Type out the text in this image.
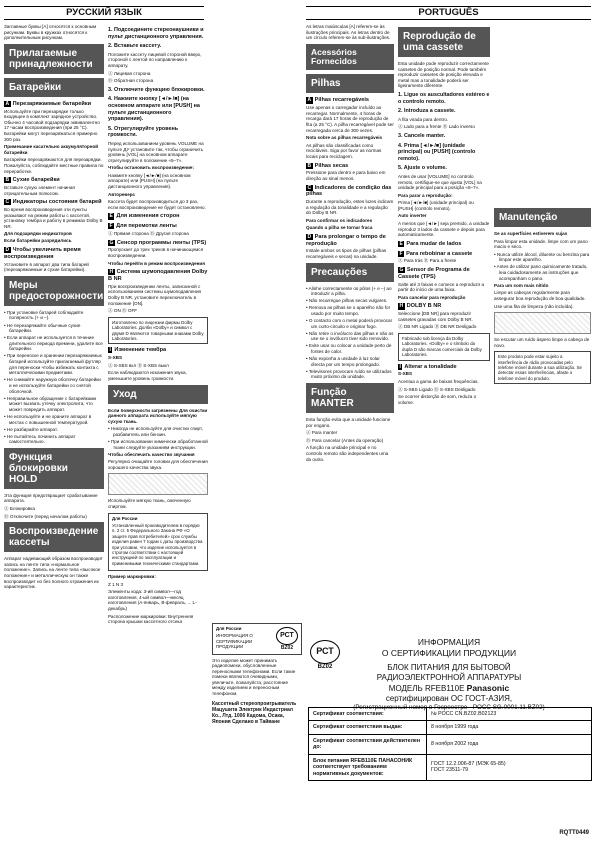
РУССКИЙ ЯЗЫК	PORTUGUÊS

Заглавные буквы [A] относятся к основным рисункам. Буквы в кружках относятся к дополнительным рисункам.

Прилагаемые принадлежности
Батарейки
A Перезаряжаемые батарейки

Используйте при перезарядке только входящее в комплект зарядное устройство. Обычно 4 часовой подзарядки эквивалентно 17 часам воспроизведения (при 25 °С). Батарейки могут перезаряжаться примерно 300 раз.

Примечание касательно аккумуляторной батарейки

Батарейки перезаряжаются для перезарядки. Пожалуйста, соблюдайте местные правила по переработке.

B Сухие батарейки

Вставьте сухую элемент начиная отрицательным полюсом.

C Индикаторы состояния батарей

Во время воспроизведения эти пункты указывают на режим работы с кассетой, установку тембра и работу в режимах Dolby B NR.

Для подзарядки индикаторов

Если батарейки разрядились

D Чтобы увеличить время воспроизведения

Установите в аппарат два типа батарей (перезаряжаемые и сухие батарейки).

Меры предосторожности

• При установке батарей соблюдайте полярность (+ и –).

• Не перезаряжайте обычные сухие батарейки.

• Если аппарат не используется в течение длительного периода времени, удалите все батарейки.

• При переноске и хранении перезаряжаемых батарей используйте прилагаемый футляр для переноски чтобы избежать контакта с металлическими предметами.

• Не снимайте наружную оболочку батарейки и не используйте батарейки со снятой оболочкой.

• Неправильное обращение с батарейками может вызвать утечку электролита, что может повредить аппарат.

• Не используйте и не храните аппарат в местах с повышенной температурой.

• Не разбирайте аппарат.

• Не пытайтесь починить аппарат самостоятельно.

Функция блокировки HOLD

Эта функция предотвращает срабатывание аппарата.

Ⓐ Блокировка

Ⓑ Отключите (перед началом работы)

Воспроизведение кассеты

Аппарат надевающий образом воспроизводит запись на ленте типа «нормальное положение». Запись на ленте типа «высокое положение» и металлическую он также воспроизводит но без полного отражения их характеристик.

1. Подсоедините стереонаушники и пульт дистанционного управления.

2. Вставьте кассету.

Положите кассету лицевой стороной вверх, стороной с лентой по направлению к аппарату.

Ⓐ Лицевая сторона

Ⓑ Обратная сторона

3. Отключите функцию блокировки.

4. Нажмите кнопку [◄/►/■] (на основном аппарате или [PUSH] на пульте дистанционного управления).

5. Отрегулируйте уровень громкости.

Перед использованием уровень VOLUME на пульте ДУ установите так, чтобы ограничить уровень [VOL] на основном аппарате отрегулируйте в положение «5–7».

Чтобы остановить воспроизведение:

Нажмите кнопку [◄/►/■] (на основном аппарате) или [PUSH] (на пульте дистанционного управления).

Автореверс

Кассета будет воспроизводиться до 3 раз, если воспроизведение не будет остановлено.

E Для изменения сторон
F Для перемотки ленты

Ⓐ Прямая сторона Ⓑ Другая сторона

G Сенсор программы ленты (TPS)

Пропускает до трех треков в начинающемся воспроизведении.

Чтобы перейти в режим воспроизведения

H Система шумоподавления Dolby B NR

При воспроизведении ленты, записанной с использованием системы шумоподавления Dolby B NR, установите переключатель в положение [ON].

Ⓐ ON Ⓑ OFF

Изготовлено по лицензии фирмы Dolby Laboratories. Долби «Dolby» и символ с двумя D являются товарными знаками Dolby Laboratories.
I Изменение тембра

S-XBS

Ⓐ S-XBS вкл Ⓑ S-XBS выкл

Если наблюдаются искажения звука, уменьшите уровень громкости.

Уход

Если поверхности загрязнены Для очистки данного аппарата используйте мягкую сухую ткань.

• Никогда не используйте для очистки спирт, разбавитель или бензин.

• При использовании химически обработанной ткани следуйте указаниям инструкции.

Чтобы обеспечить качество звучания

Регулярно очищайте головки для обеспечения хорошего качества звука.

Используйте мягкую ткань, смоченную спиртом.

Для России

Установленный производителем в порядке п. 2 ст. 5 Федерального Закона РФ «О защите прав потребителей» срок службы изделия равен 7 годам с даты производства при условии, что изделие используется в строгом соответствии с настоящей инструкцией по эксплуатации и применимыми техническими стандартами.

Пример маркировки:

Z 1 N 3

Элементы кода: 3-ий символ—год изготовления, 4-ый символ—месяц изготовления (А-январь, В-февраль, ... L-декабрь)

Расположение маркировки: Внутренняя сторона крышки кассетного отсека

Для России

ИНФОРМАЦИЯ О СЕРТИФИКАЦИИ ПРОДУКЦИИ

РСТ
BZ02

Это изделие может принимать радиопомехи, обусловленные переносными телефонами. Если такие помехи являются очевидными, увеличьте, пожалуйста, расстояние между изделием и переносным телефоном.

Кассетный стереопроигрыватель Мацушита Электрик Индастриал Ко., Лтд. 1006 Кадома, Осака, Япония Сделано в Тайване

As letras maiúsculas [A] referem-se às ilustrações principais. As letras dentro de um círculo referem-se às sub-ilustrações.

Acessórios Fornecidos
Pilhas
A Pilhas recarregáveis

Use apenas o carregador incluído ao recarregar. Normalmente, 4 horas de recarga dará 17 horas de reprodução de fita (a 25 °C). A pilha recarregável pode ser recarregada cerca de 300 vezes.

Nota sobre as pilhas recarregáveis

As pilhas são classificadas como recicláveis. Siga por favor as normas locais para reciclagem.

B Pilhas secas

Pressione para dentro e para baixo em direção ao sinal menos.

C Indicadores de condição das pilhas

Durante a reprodução, estes luzes indicam a regulação da tonalidade e a regulação do Dolby B NR.

Para confirmar os indicadores

Quando a pilha se tornar fraca

D Para prolongar o tempo de reprodução

Instale ambos os tipos de pilhas (pilhas recarregáveis e secas) na unidade.

Precauções

• Alinhe correctamente os pólos (+ e –) ao introduzir a pilha.

• Não recarregue pilhas secas vulgares.

• Remova as pilhas se o aparelho não for usado por muito tempo.

• O contacto com o metal poderá provocar um curto-circuito e originar fogo.

• Não retire o invólucro das pilhas e não as use se o invólucro tiver sido removido.

• Evite usar ou colocar a unidade perto de fontes de calor.

• Não exponha a unidade à luz solar directa por um tempo prolongado.

• Televisores provocam ruído se utilizados muito próximo da unidade.

Função MANTER

Esta função evita que a unidade funcione por engano.

Ⓐ Para manter

Ⓑ Para cancelar (Antes da operação)

A função na unidade principal e no controlo remoto são independentes uma da outra.

Reprodução de uma cassete

Esta unidade pode reproduzir correctamente cassetes de posição normal. Pode também reproduzir cassetes de posição elevada e metal mas a tonalidade poderá ser ligeiramente diferente.

1. Ligue os auscultadores estéreo e o controlo remoto.

2. Introduza a cassete.

A fita virada para dentro.

Ⓐ Lado para a frente Ⓑ Lado inverso

3. Cancele manter.

4. Prima [◄/►/■] (unidade principal) ou [PUSH] (controlo remoto).

5. Ajuste o volume.

Antes de usar [VOLUME] no controlo remoto, certifique-se que ajusta [VOL] na unidade principal para a posição «5–7».

Para parar a reprodução:

Prima [◄/►/■] (unidade principal) ou [PUSH] (controlo remoto).

Auto inverter

A menos que [◄/►] seja premido, a unidade reproduz 3 lados da cassete e depois para automaticamente.

E Para mudar de lados
F Para rebobinar a cassete

Ⓐ Para trás Ⓑ Para a frente

G Sensor de Programa de Cassete (TPS)

Salte até 3 faixas e comece a reproduzir a partir do início de uma faixa.

Para cancelar para reprodução

H DOLBY B NR

Seleccione [DB NR] para reproduzir cassetes gravadas com Dolby B NR.

Ⓐ DB NR Ligado Ⓑ DB NR Desligado

Fabricado sob licença da Dolby Laboratories. «Dolby» e o símbolo da dupla D são marcas comerciais da Dolby Laboratories.
I Alterar a tonalidade

S-XBS

Acentua a gama de baixas frequências.

Ⓐ S-XBS Ligado Ⓑ S-XBS Desligado

Se ocorrer distorção de som, reduza o volume.

Manutenção

Se as superfícies estiverem sujas

Para limpar esta unidade, limpe com um pano macio e seco.

• Nunca utilize álcool, diluente ou benzina para limpar este aparelho.

• Antes de utilizar pano quimicamente tratado, leia cuidadosamente as instruções que acompanham o pano.

Para um som mais nítido

Limpe as cabeças regularmente para assegurar boa reprodução de boa qualidade.

Use uma fita de limpeza (não incluída).

Se escutar um ruído áspero limpe a cabeça de novo.

Este produto pode estar sujeito a interferência de rádio provocadas pelo telefone móvel durante a sua utilização. Se detectar essas interferências, afaste o telefone móvel do produto.
РСТ
BZ02
ИНФОРМАЦИЯ
О СЕРТИФИКАЦИИ ПРОДУКЦИИ
БЛОК ПИТАНИЯ ДЛЯ БЫТОВОЙ
РАДИОЭЛЕКТРОННОЙ АППАРАТУРЫ
МОДЕЛЬ RFEB110E Panasonic
сертифицирован ОС ГОСТ-АЗИЯ,
(Регистрационный номер в Госреестре - РОСС SG.0001.11.BZ02)
Сертификат соответствия:	№ РОСС CN.BZ02.B02123
Сертификат соответствия выдан:	8 ноября 1999 года
Сертификат соответствия действителен до:	8 ноября 2002 года
Блок питания RFEB110E ПАНАСОНИК соответствует требованиям нормативных документов:	ГОСТ 12.2.006-87 (МЭК 65-85)
ГОСТ 23511-79
RQTT0449
